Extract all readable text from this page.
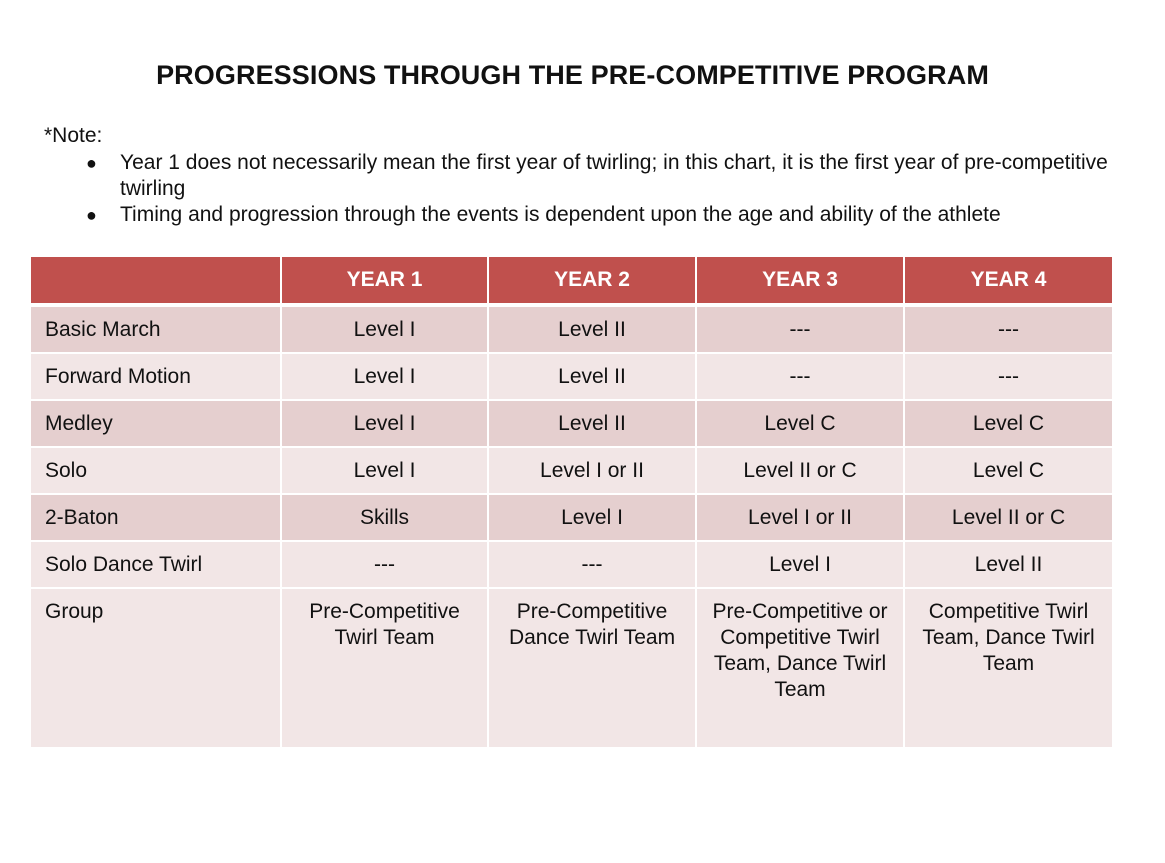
PROGRESSIONS THROUGH THE PRE-COMPETITIVE PROGRAM
*Note:
● Year 1 does not necessarily mean the first year of twirling; in this chart, it is the first year of pre-competitive twirling
● Timing and progression through the events is dependent upon the age and ability of the athlete
	YEAR 1	YEAR 2	YEAR 3	YEAR 4
Basic March	Level I	Level II	---	---
Forward Motion	Level I	Level II	---	---
Medley	Level I	Level II	Level C	Level C
Solo	Level I	Level I or II	Level II or C	Level C
2-Baton	Skills	Level I	Level I or II	Level II or C
Solo Dance Twirl	---	---	Level I	Level II
Group	Pre-Competitive Twirl Team	Pre-Competitive Dance Twirl Team	Pre-Competitive or Competitive Twirl Team, Dance Twirl Team	Competitive Twirl Team, Dance Twirl Team
